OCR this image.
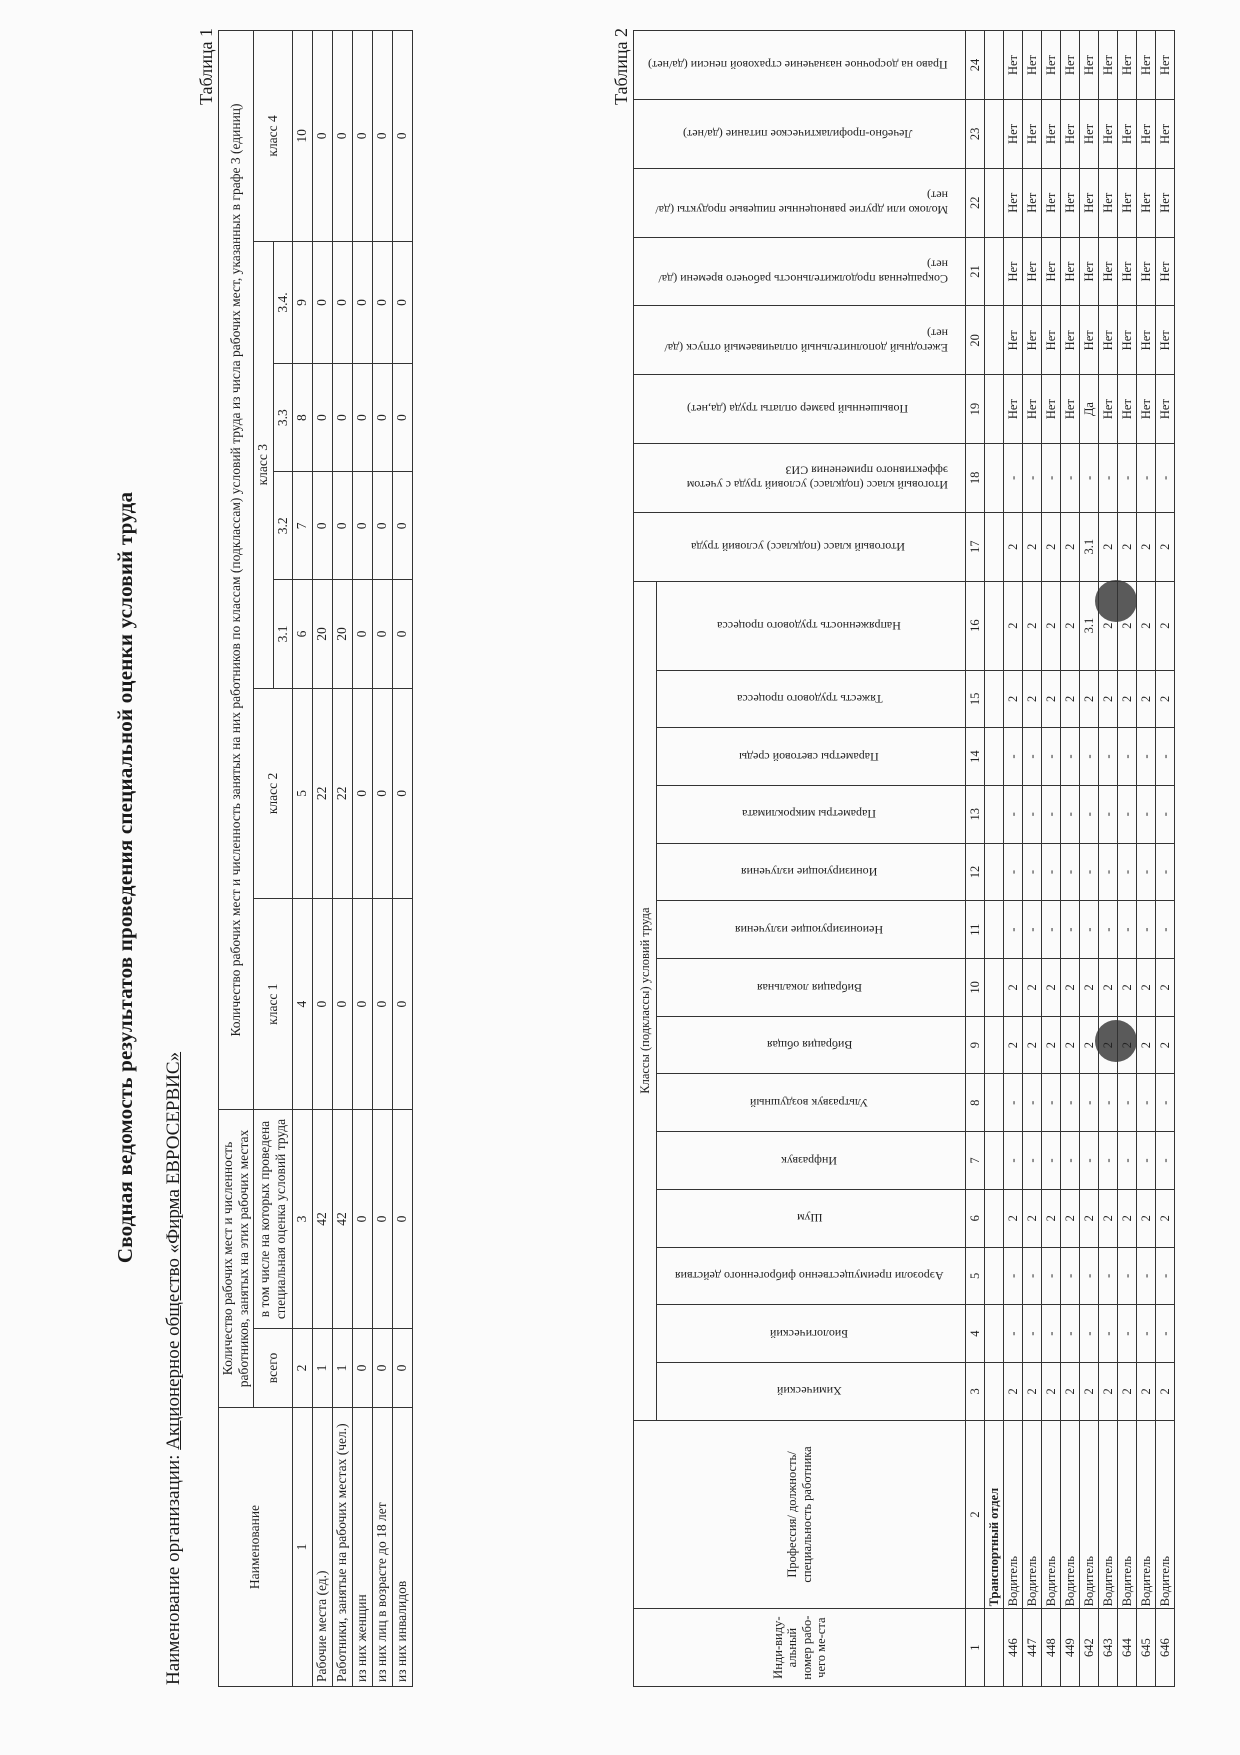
Сводная ведомость результатов проведения специальной оценки условий труда
Наименование организации: Акционерное общество «Фирма ЕВРОСЕРВИС»
Таблица 1
Наименование	Количество рабочих мест и численность работников, занятых на этих рабочих местах		Количество рабочих мест и численность занятых на них работников по классам (подклассам) условий труда из числа рабочих мест, указанных в графе 3 (единиц)						
	всего	в том числе на которых проведена специальная оценка условий труда	класс 1	класс 2	класс 3				класс 4
					3.1	3.2	3.3	3.4.	
1	2	3	4	5	6	7	8	9	10
Рабочие места (ед.)	1	42	0	22	20	0	0	0	0
Работники, занятые на рабочих местах (чел.)	1	42	0	22	20	0	0	0	0
из них женщин	0	0	0	0	0	0	0	0	0
из них лиц в возрасте до 18 лет	0	0	0	0	0	0	0	0	0
из них инвалидов	0	0	0	0	0	0	0	0	0
Таблица 2
Инди-виду-альный номер рабо-чего ме-ста	Профессия/ должность/ специальность работника	Классы (подклассы) условий труда														Итоговый класс (подкласс) условий труда	Итоговый класс (подкласс) условий труда с учетом эффективного применения СИЗ	Повышенный размер оплаты труда (да,нет)	Ежегодный дополнительный оплачиваемый отпуск (да/нет)	Сокращенная продолжительность рабочего времени (да/нет)	Молоко или другие равноценные пищевые продукты (да/нет)	Лечебно-профилактическое питание (да/нет)	Право на досрочное назначение страховой пенсии (да/нет)
		Химический	Биологический	Аэрозоли преимущественно фиброгенного действия	Шум	Инфразвук	Ультразвук воздушный	Вибрация общая	Вибрация локальная	Неионизирующие излучения	Ионизирующие излучения	Параметры микроклимата	Параметры световой среды	Тяжесть трудового процесса	Напряженность трудового процесса								
1	2	3	4	5	6	7	8	9	10	11	12	13	14	15	16	17	18	19	20	21	22	23	24
	Транспортный отдел																						
446	Водитель	2	-	-	2	-	-	2	2	-	-	-	-	2	2	2	-	Нет	Нет	Нет	Нет	Нет	Нет
447	Водитель	2	-	-	2	-	-	2	2	-	-	-	-	2	2	2	-	Нет	Нет	Нет	Нет	Нет	Нет
448	Водитель	2	-	-	2	-	-	2	2	-	-	-	-	2	2	2	-	Нет	Нет	Нет	Нет	Нет	Нет
449	Водитель	2	-	-	2	-	-	2	2	-	-	-	-	2	2	2	-	Нет	Нет	Нет	Нет	Нет	Нет
642	Водитель	2	-	-	2	-	-	2	2	-	-	-	-	2	3.1	3.1	-	Да	Нет	Нет	Нет	Нет	Нет
643	Водитель	2	-	-	2	-	-	2	2	-	-	-	-	2	2	2	-	Нет	Нет	Нет	Нет	Нет	Нет
644	Водитель	2	-	-	2	-	-	2	2	-	-	-	-	2	2	2	-	Нет	Нет	Нет	Нет	Нет	Нет
645	Водитель	2	-	-	2	-	-	2	2	-	-	-	-	2	2	2	-	Нет	Нет	Нет	Нет	Нет	Нет
646	Водитель	2	-	-	2	-	-	2	2	-	-	-	-	2	2	2	-	Нет	Нет	Нет	Нет	Нет	Нет
